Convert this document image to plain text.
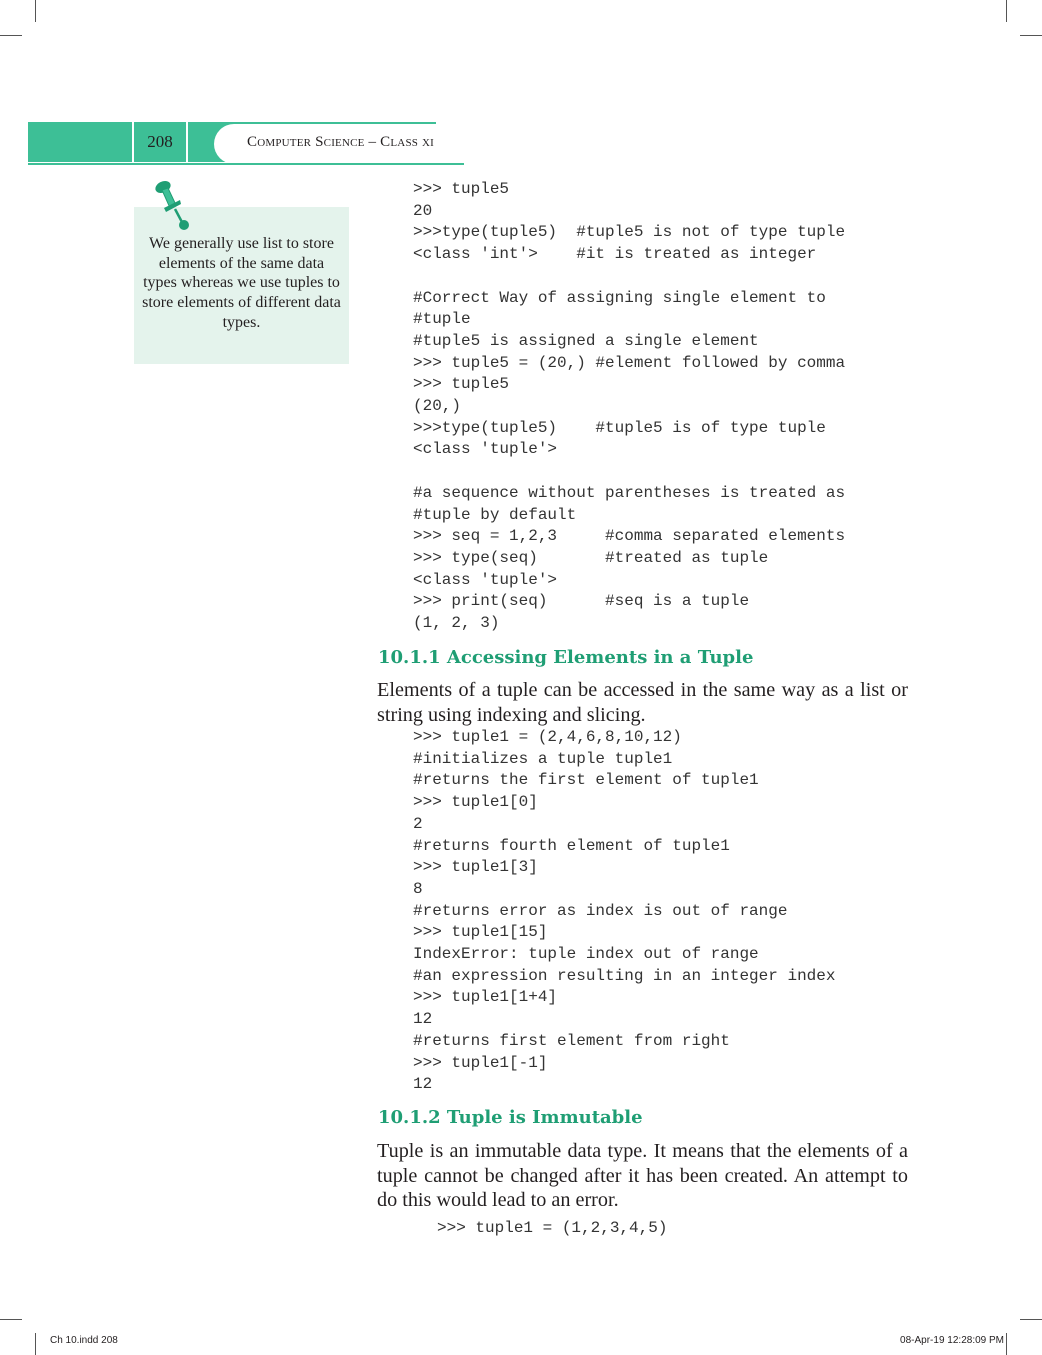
208	Computer Science – Class xi
We generally use list to store elements of the same data types whereas we use tuples to store elements of different data types.
>>> tuple5
20
>>>type(tuple5)  #tuple5 is not of type tuple
<class 'int'>    #it is treated as integer

#Correct Way of assigning single element to
#tuple
#tuple5 is assigned a single element
>>> tuple5 = (20,) #element followed by comma
>>> tuple5
(20,)
>>>type(tuple5)    #tuple5 is of type tuple
<class 'tuple'>

#a sequence without parentheses is treated as
#tuple by default
>>> seq = 1,2,3     #comma separated elements
>>> type(seq)       #treated as tuple
<class 'tuple'>
>>> print(seq)      #seq is a tuple
(1, 2, 3)
10.1.1 Accessing Elements in a Tuple
Elements of a tuple can be accessed in the same way as a list or string using indexing and slicing.
>>> tuple1 = (2,4,6,8,10,12)
#initializes a tuple tuple1
#returns the first element of tuple1
>>> tuple1[0]
2
#returns fourth element of tuple1
>>> tuple1[3]
8
#returns error as index is out of range
>>> tuple1[15]
IndexError: tuple index out of range
#an expression resulting in an integer index
>>> tuple1[1+4]
12
#returns first element from right
>>> tuple1[-1]
12
10.1.2 Tuple is Immutable
Tuple is an immutable data type. It means that the elements of a tuple cannot be changed after it has been created. An attempt to do this would lead to an error.
>>> tuple1 = (1,2,3,4,5)
Ch 10.indd 208	08-Apr-19 12:28:09 PM
